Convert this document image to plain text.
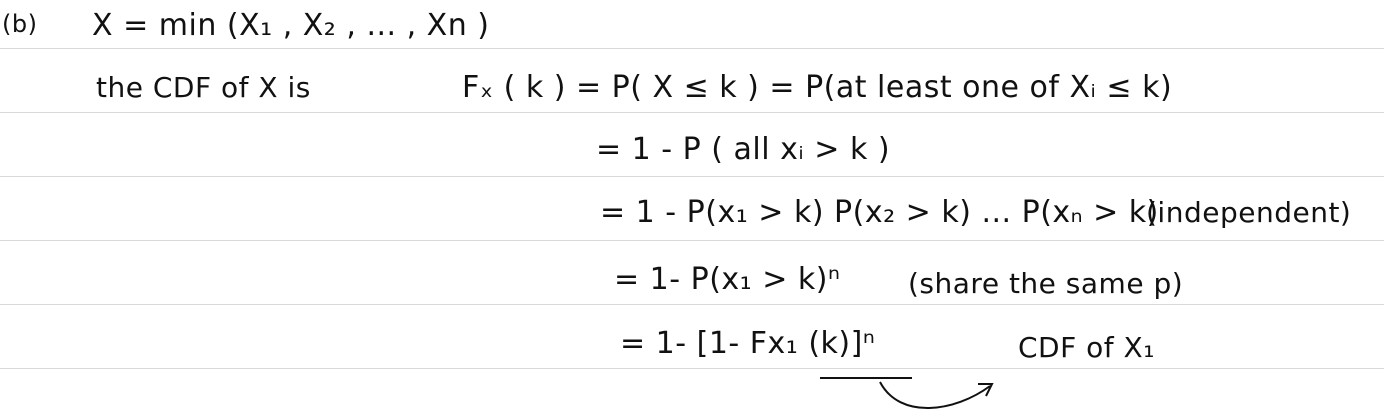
(b) X = min (X₁ , X₂ , ... , Xn )
the CDF of X is	Fₓ ( k ) = P( X ≤ k ) = P(at least one of Xᵢ ≤ k)
= 1 - P ( all xᵢ > k )
= 1 - P(x₁ > k) P(x₂ > k) ... P(xₙ > k)
(independent)
= 1- P(x₁ > k)ⁿ (share the same p)
= 1- [1- Fx₁ (k)]ⁿ	CDF of X₁
